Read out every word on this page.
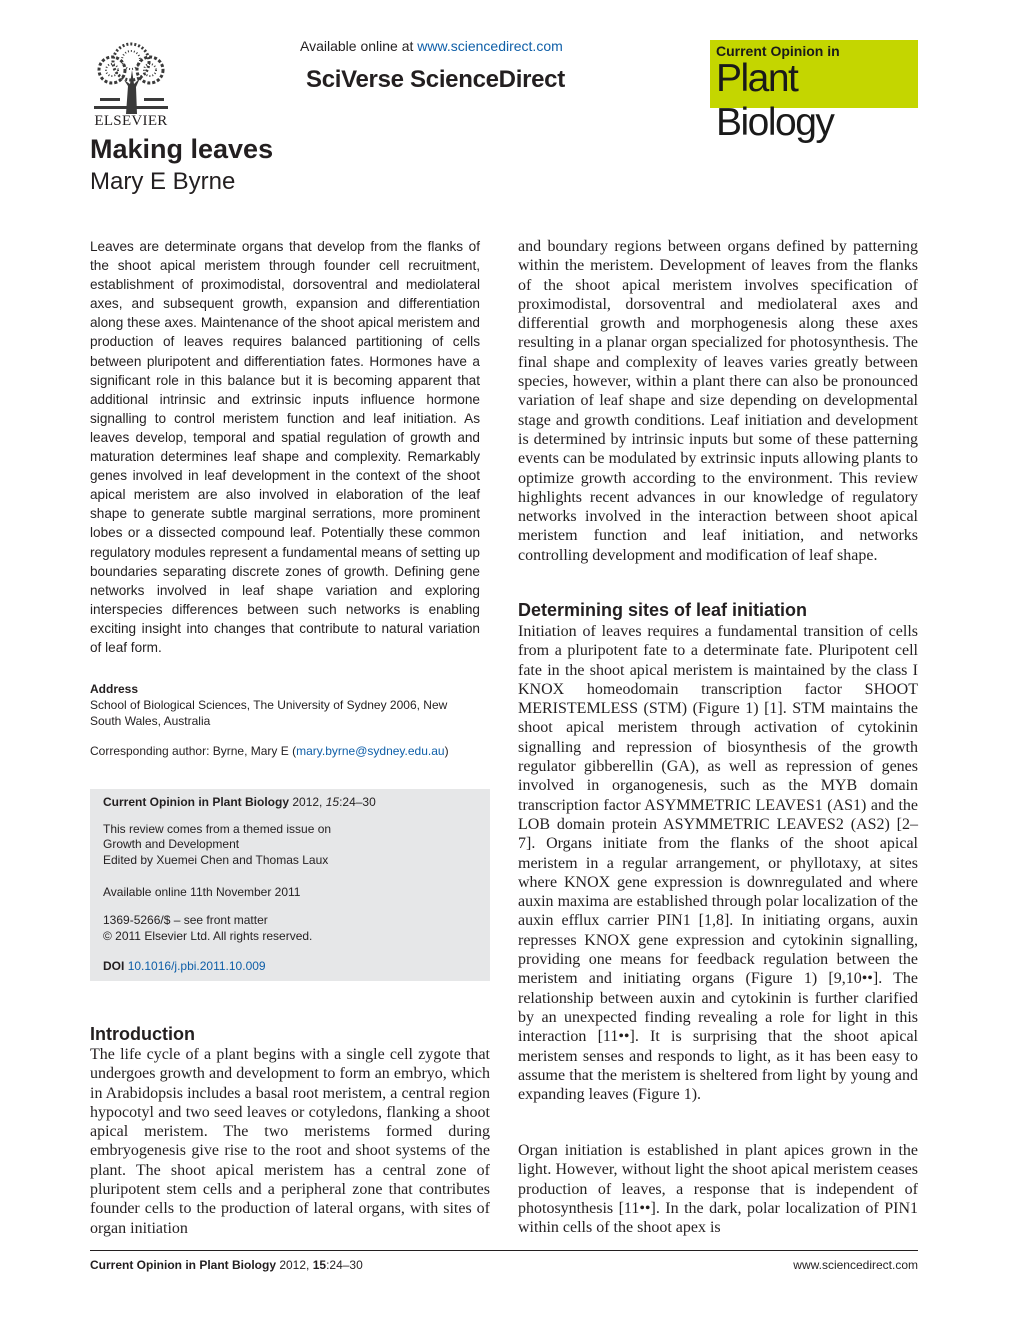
ELSEVIER
Available online at www.sciencedirect.com
SciVerse ScienceDirect
Current Opinion in
Plant Biology
Making leaves
Mary E Byrne

Leaves are determinate organs that develop from the flanks of the shoot apical meristem through founder cell recruitment, establishment of proximodistal, dorsoventral and mediolateral axes, and subsequent growth, expansion and differentiation along these axes. Maintenance of the shoot apical meristem and production of leaves requires balanced partitioning of cells between pluripotent and differentiation fates. Hormones have a significant role in this balance but it is becoming apparent that additional intrinsic and extrinsic inputs influence hormone signalling to control meristem function and leaf initiation. As leaves develop, temporal and spatial regulation of growth and maturation determines leaf shape and complexity. Remarkably genes involved in leaf development in the context of the shoot apical meristem are also involved in elaboration of the leaf shape to generate subtle marginal serrations, more prominent lobes or a dissected compound leaf. Potentially these common regulatory modules represent a fundamental means of setting up boundaries separating discrete zones of growth. Defining gene networks involved in leaf shape variation and exploring interspecies differences between such networks is enabling exciting insight into changes that contribute to natural variation of leaf form.

Address
School of Biological Sciences, The University of Sydney 2006, New South Wales, Australia
Corresponding author: Byrne, Mary E (mary.byrne@sydney.edu.au)
Current Opinion in Plant Biology 2012, 15:24–30
This review comes from a themed issue on
Growth and Development
Edited by Xuemei Chen and Thomas Laux
Available online 11th November 2011
1369-5266/$ – see front matter
© 2011 Elsevier Ltd. All rights reserved.
DOI 10.1016/j.pbi.2011.10.009
Introduction

The life cycle of a plant begins with a single cell zygote that undergoes growth and development to form an embryo, which in Arabidopsis includes a basal root meristem, a central region hypocotyl and two seed leaves or cotyledons, flanking a shoot apical meristem. The two meristems formed during embryogenesis give rise to the root and shoot systems of the plant. The shoot apical meristem has a central zone of pluripotent stem cells and a peripheral zone that contributes founder cells to the production of lateral organs, with sites of organ initiation

and boundary regions between organs defined by patterning within the meristem. Development of leaves from the flanks of the shoot apical meristem involves specification of proximodistal, dorsoventral and mediolateral axes and differential growth and morphogenesis along these axes resulting in a planar organ specialized for photosynthesis. The final shape and complexity of leaves varies greatly between species, however, within a plant there can also be pronounced variation of leaf shape and size depending on developmental stage and growth conditions. Leaf initiation and development is determined by intrinsic inputs but some of these patterning events can be modulated by extrinsic inputs allowing plants to optimize growth according to the environment. This review highlights recent advances in our knowledge of regulatory networks involved in the interaction between shoot apical meristem function and leaf initiation, and networks controlling development and modification of leaf shape.

Determining sites of leaf initiation

Initiation of leaves requires a fundamental transition of cells from a pluripotent fate to a determinate fate. Pluripotent cell fate in the shoot apical meristem is maintained by the class I KNOX homeodomain transcription factor SHOOT MERISTEMLESS (STM) (Figure 1) [1]. STM maintains the shoot apical meristem through activation of cytokinin signalling and repression of biosynthesis of the growth regulator gibberellin (GA), as well as repression of genes involved in organogenesis, such as the MYB domain transcription factor ASYMMETRIC LEAVES1 (AS1) and the LOB domain protein ASYMMETRIC LEAVES2 (AS2) [2–7]. Organs initiate from the flanks of the shoot apical meristem in a regular arrangement, or phyllotaxy, at sites where KNOX gene expression is downregulated and where auxin maxima are established through polar localization of the auxin efflux carrier PIN1 [1,8]. In initiating organs, auxin represses KNOX gene expression and cytokinin signalling, providing one means for feedback regulation between the meristem and initiating organs (Figure 1) [9,10••]. The relationship between auxin and cytokinin is further clarified by an unexpected finding revealing a role for light in this interaction [11••]. It is surprising that the shoot apical meristem senses and responds to light, as it has been easy to assume that the meristem is sheltered from light by young and expanding leaves (Figure 1).

Organ initiation is established in plant apices grown in the light. However, without light the shoot apical meristem ceases production of leaves, a response that is independent of photosynthesis [11••]. In the dark, polar localization of PIN1 within cells of the shoot apex is

Current Opinion in Plant Biology 2012, 15:24–30	www.sciencedirect.com
